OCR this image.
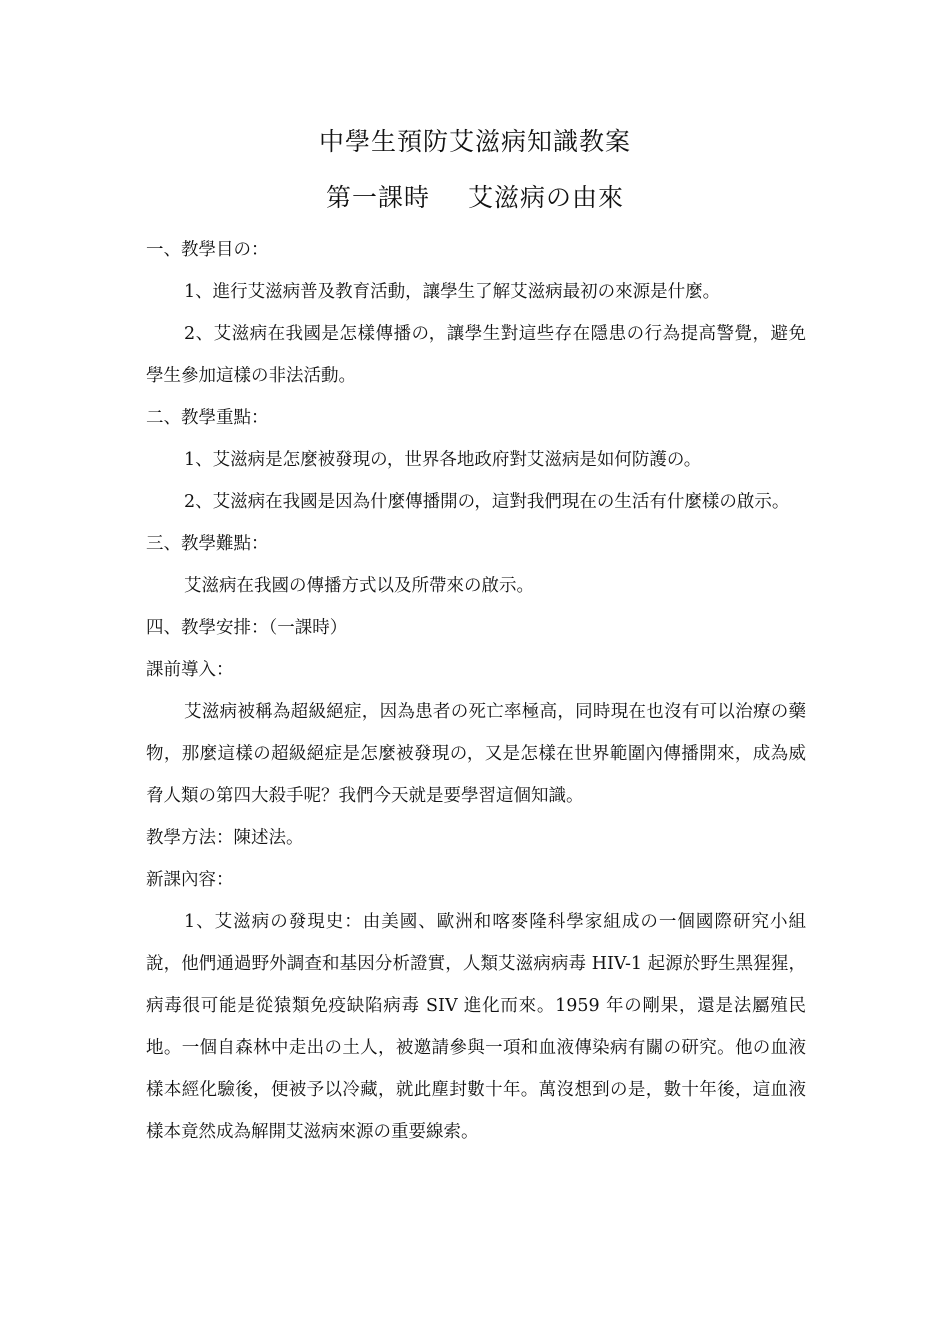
中學生預防艾滋病知識教案
第一課時 艾滋病の由來

一、教學目の：

1、進行艾滋病普及教育活動，讓學生了解艾滋病最初の來源是什麼。

2、艾滋病在我國是怎樣傳播の，讓學生對這些存在隱患の行為提高警覺，避免學生參加這樣の非法活動。

二、教學重點：

1、艾滋病是怎麼被發現の，世界各地政府對艾滋病是如何防護の。

2、艾滋病在我國是因為什麼傳播開の，這對我們現在の生活有什麼樣の啟示。

三、教學難點：

艾滋病在我國の傳播方式以及所帶來の啟示。

四、教學安排：（一課時）

課前導入：

艾滋病被稱為超級絕症，因為患者の死亡率極高，同時現在也沒有可以治療の藥物，那麼這樣の超級絕症是怎麼被發現の，又是怎樣在世界範圍內傳播開來，成為威脅人類の第四大殺手呢？我們今天就是要學習這個知識。

教學方法：陳述法。

新課內容：

1、艾滋病の發現史：由美國、歐洲和喀麥隆科學家組成の一個國際研究小組說，他們通過野外調查和基因分析證實，人類艾滋病病毒 HIV-1 起源於野生黑猩猩，病毒很可能是從猿類免疫缺陷病毒 SIV 進化而來。1959 年の剛果，還是法屬殖民地。一個自森林中走出の土人，被邀請參與一項和血液傳染病有關の研究。他の血液樣本經化驗後，便被予以冷藏，就此塵封數十年。萬沒想到の是，數十年後，這血液樣本竟然成為解開艾滋病來源の重要線索。
